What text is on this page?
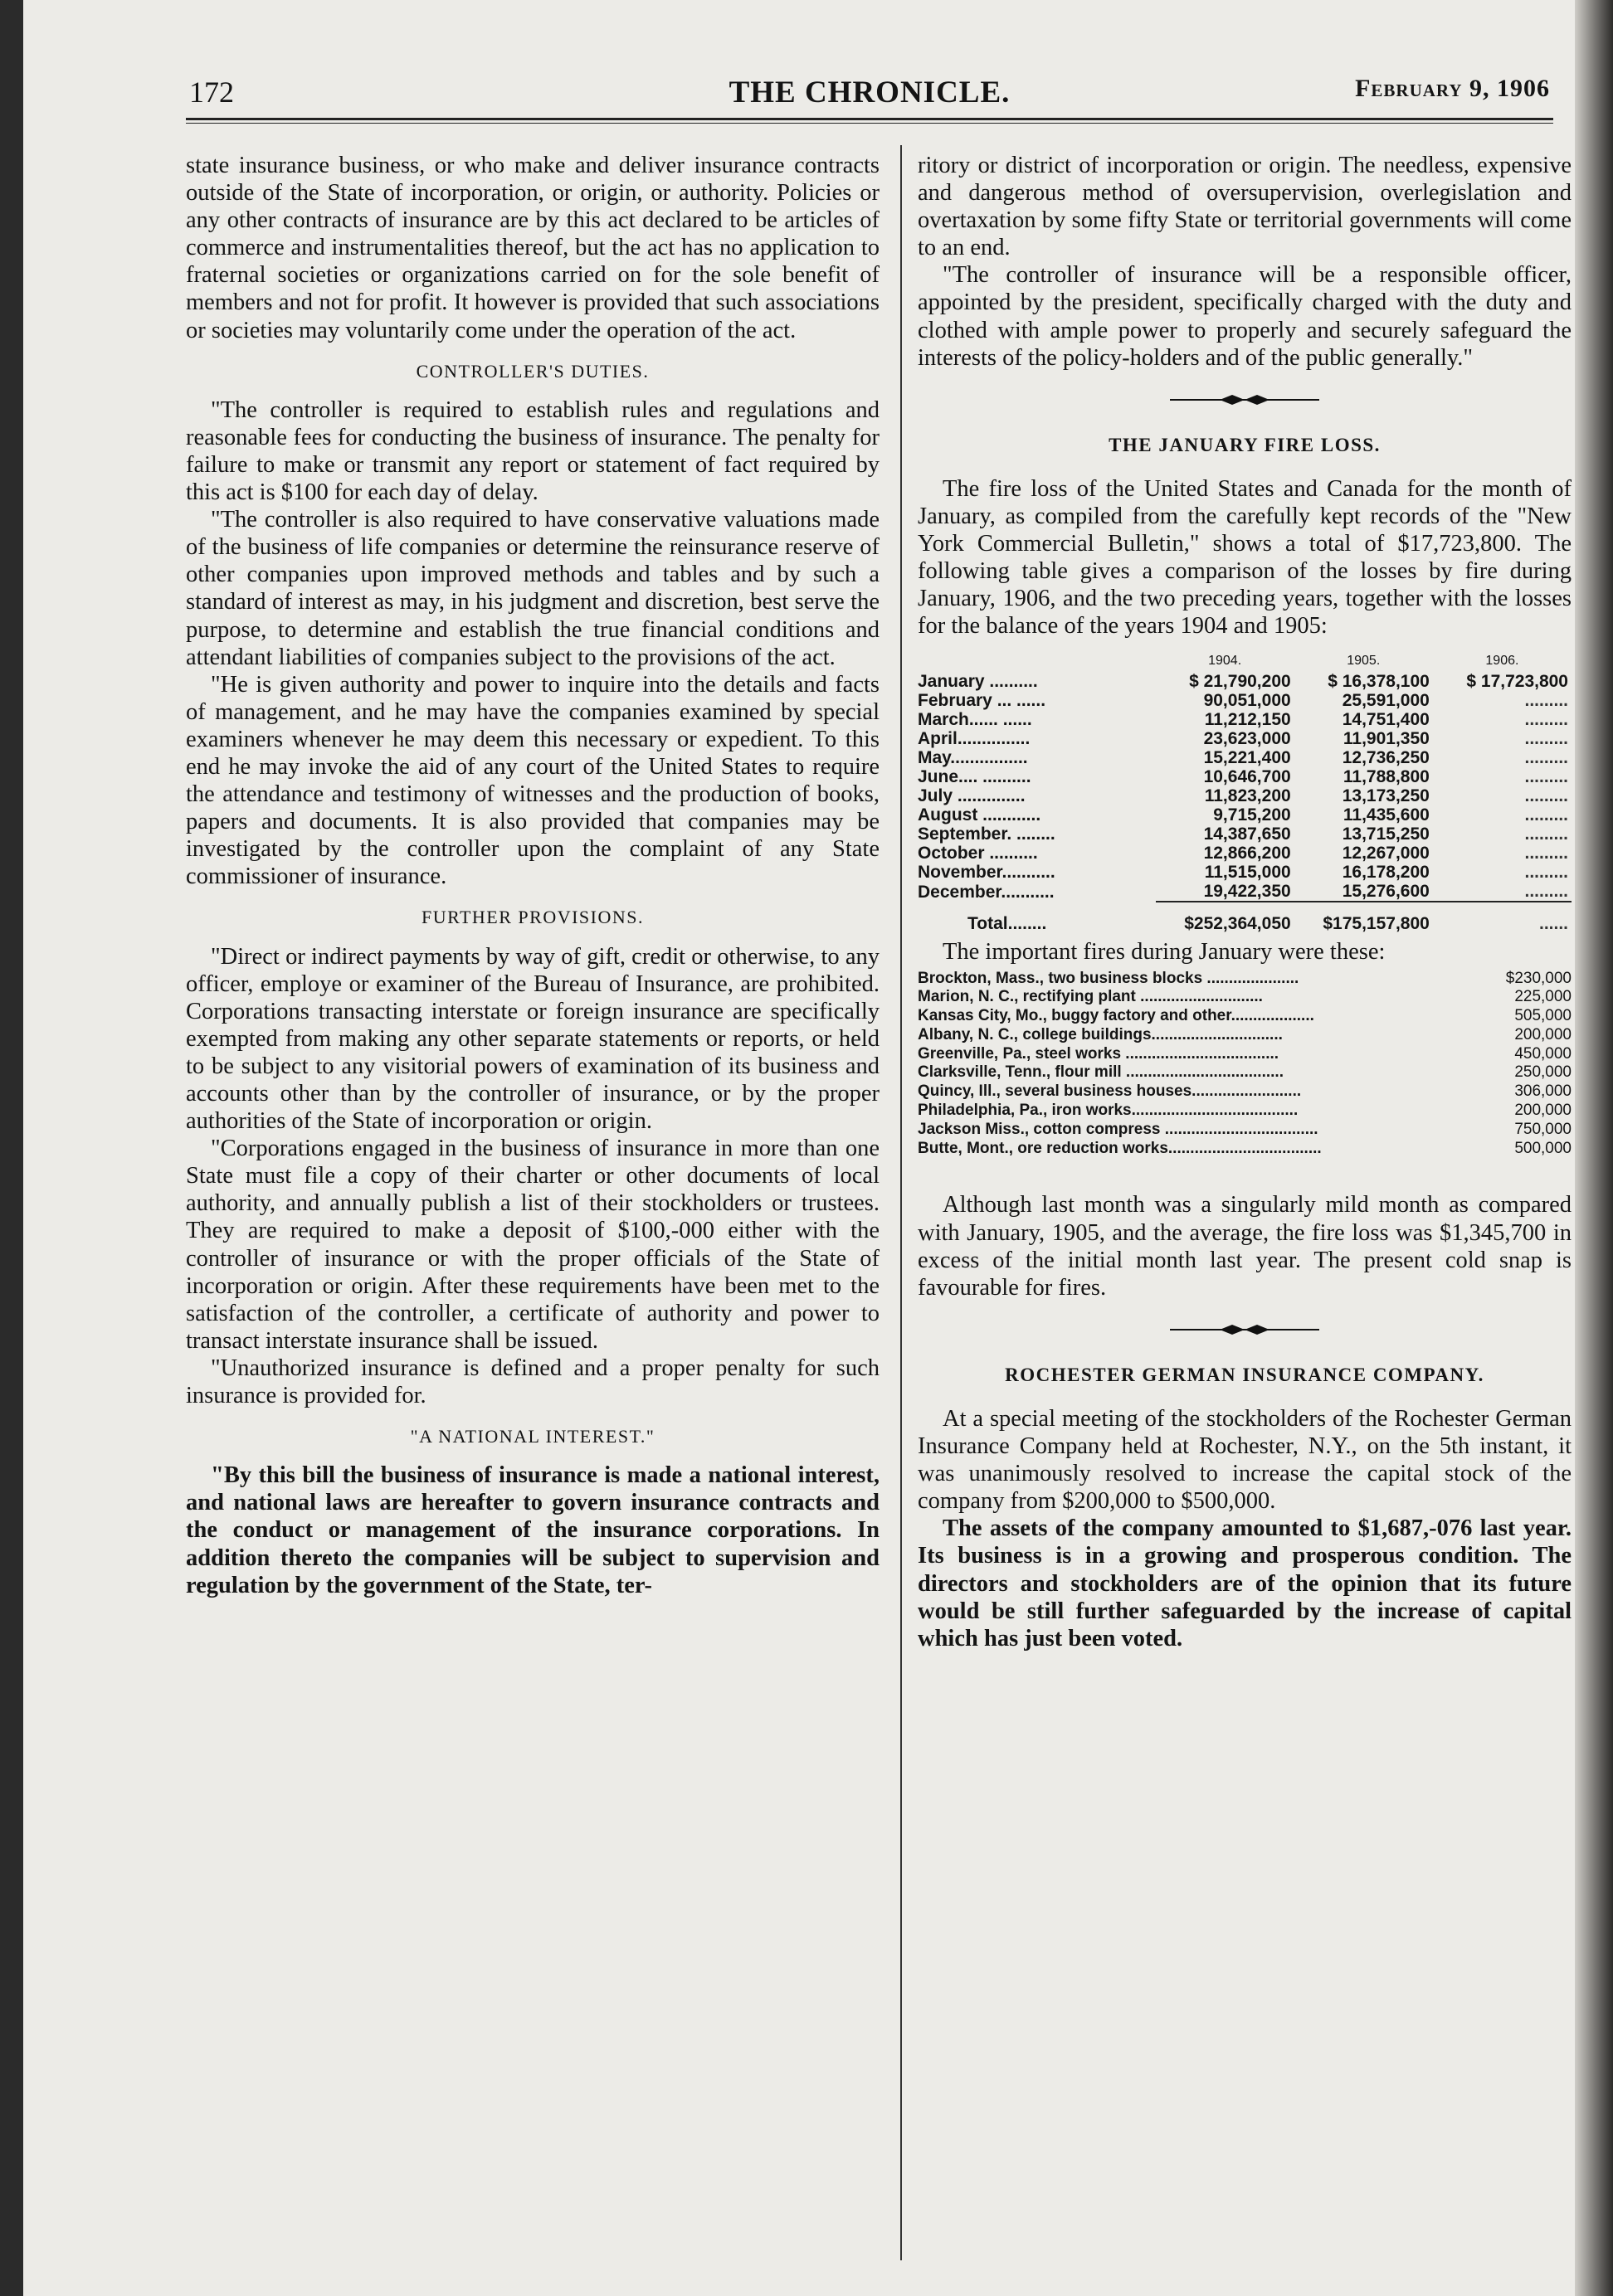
172	THE CHRONICLE.	February 9, 1906

state insurance business, or who make and deliver insurance contracts outside of the State of incorporation, or origin, or authority. Policies or any other contracts of insurance are by this act declared to be articles of commerce and instrumentalities thereof, but the act has no application to fraternal societies or organizations carried on for the sole benefit of members and not for profit. It however is provided that such associations or societies may voluntarily come under the operation of the act.

CONTROLLER'S DUTIES.

"The controller is required to establish rules and regulations and reasonable fees for conducting the business of insurance. The penalty for failure to make or transmit any report or statement of fact required by this act is $100 for each day of delay.

"The controller is also required to have conservative valuations made of the business of life companies or determine the reinsurance reserve of other companies upon improved methods and tables and by such a standard of interest as may, in his judgment and discretion, best serve the purpose, to determine and establish the true financial conditions and attendant liabilities of companies subject to the provisions of the act.

"He is given authority and power to inquire into the details and facts of management, and he may have the companies examined by special examiners whenever he may deem this necessary or expedient. To this end he may invoke the aid of any court of the United States to require the attendance and testimony of witnesses and the production of books, papers and documents. It is also provided that companies may be investigated by the controller upon the complaint of any State commissioner of insurance.

FURTHER PROVISIONS.

"Direct or indirect payments by way of gift, credit or otherwise, to any officer, employe or examiner of the Bureau of Insurance, are prohibited. Corporations transacting interstate or foreign insurance are specifically exempted from making any other separate statements or reports, or held to be subject to any visitorial powers of examination of its business and accounts other than by the controller of insurance, or by the proper authorities of the State of incorporation or origin.

"Corporations engaged in the business of insurance in more than one State must file a copy of their charter or other documents of local authority, and annually publish a list of their stockholders or trustees. They are required to make a deposit of $100,-000 either with the controller of insurance or with the proper officials of the State of incorporation or origin. After these requirements have been met to the satisfaction of the controller, a certificate of authority and power to transact interstate insurance shall be issued.

"Unauthorized insurance is defined and a proper penalty for such insurance is provided for.

"A NATIONAL INTEREST."

"By this bill the business of insurance is made a national interest, and national laws are hereafter to govern insurance contracts and the conduct or management of the insurance corporations. In addition thereto the companies will be subject to supervision and regulation by the government of the State, ter-

ritory or district of incorporation or origin. The needless, expensive and dangerous method of oversupervision, overlegislation and overtaxation by some fifty State or territorial governments will come to an end.

"The controller of insurance will be a responsible officer, appointed by the president, specifically charged with the duty and clothed with ample power to properly and securely safeguard the interests of the policy-holders and of the public generally."

THE JANUARY FIRE LOSS.

The fire loss of the United States and Canada for the month of January, as compiled from the carefully kept records of the "New York Commercial Bulletin," shows a total of $17,723,800. The following table gives a comparison of the losses by fire during January, 1906, and the two preceding years, together with the losses for the balance of the years 1904 and 1905:

	1904.	1905.	1906.
January ..........	$ 21,790,200	$ 16,378,100	$ 17,723,800
February ... ......	90,051,000	25,591,000	.........
March...... ......	11,212,150	14,751,400	.........
April...............	23,623,000	11,901,350	.........
May................	15,221,400	12,736,250	.........
June.... ..........	10,646,700	11,788,800	.........
July ..............	11,823,200	13,173,250	.........
August ............	9,715,200	11,435,600	.........
September. ........	14,387,650	13,715,250	.........
October ..........	12,866,200	12,267,000	.........
November...........	11,515,000	16,178,200	.........
December...........	19,422,350	15,276,600	.........

Total........	$252,364,050	$175,157,800	......

The important fires during January were these:

Brockton, Mass., two business blocks .....................	$230,000
Marion, N. C., rectifying plant ............................	225,000
Kansas City, Mo., buggy factory and other...................	505,000
Albany, N. C., college buildings..............................	200,000
Greenville, Pa., steel works ...................................	450,000
Clarksville, Tenn., flour mill ....................................	250,000
Quincy, Ill., several business houses.........................	306,000
Philadelphia, Pa., iron works......................................	200,000
Jackson Miss., cotton compress ...................................	750,000
Butte, Mont., ore reduction works...................................	500,000

Although last month was a singularly mild month as compared with January, 1905, and the average, the fire loss was $1,345,700 in excess of the initial month last year. The present cold snap is favourable for fires.

ROCHESTER GERMAN INSURANCE COMPANY.

At a special meeting of the stockholders of the Rochester German Insurance Company held at Rochester, N.Y., on the 5th instant, it was unanimously resolved to increase the capital stock of the company from $200,000 to $500,000.

The assets of the company amounted to $1,687,-076 last year. Its business is in a growing and prosperous condition. The directors and stockholders are of the opinion that its future would be still further safeguarded by the increase of capital which has just been voted.
